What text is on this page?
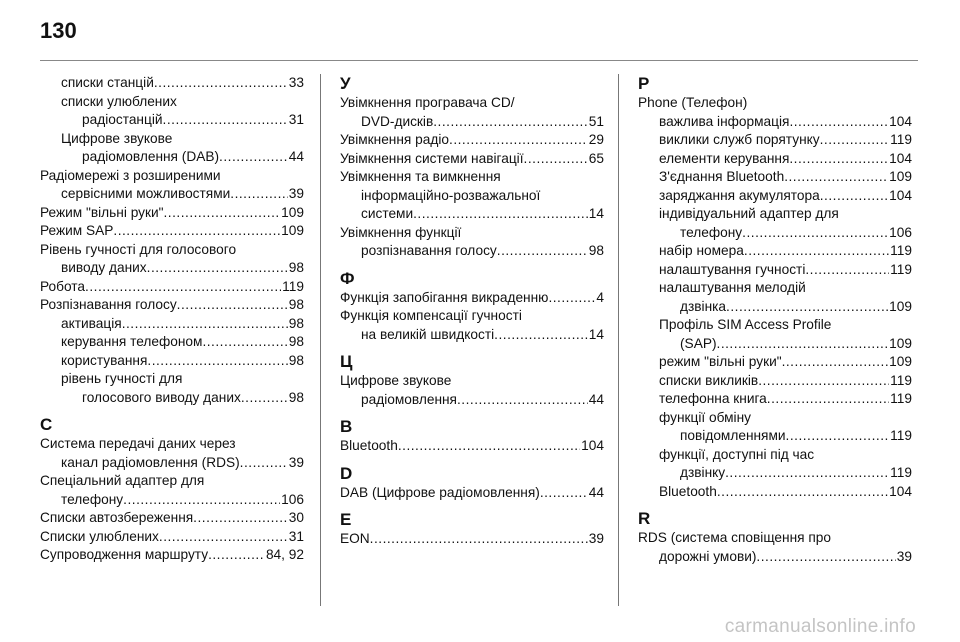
130
списки станцій .....	33
списки улюблених
радіостанцій .....	31
Цифрове звукове
радіомовлення (DAB) .....	44
Радіомережі з розширеними
сервісними можливостями .....	39
Режим "вільні руки" .....	109
Режим SAP .....	109
Рівень гучності для голосового
виводу даних .....	98
Робота .....	119
Розпізнавання голосу .....	98
активація .....	98
керування телефоном .....	98
користування .....	98
рівень гучності для
голосового виводу даних .....	98
С
Система передачі даних через
канал радіомовлення (RDS) .....	39
Спеціальний адаптер для
телефону .....	106
Списки автозбереження .....	30
Списки улюблених .....	31
Супроводження маршруту .....	84, 92
У
Увімкнення програвача CD/
DVD-дисків .....	51
Увімкнення радіо .....	29
Увімкнення системи навігації .....	65
Увімкнення та вимкнення
інформаційно-розважальної
системи .....	14
Увімкнення функції
розпізнавання голосу .....	98
Ф
Функція запобігання викраденню .....	4
Функція компенсації гучності
на великій швидкості .....	14
Ц
Цифрове звукове
радіомовлення .....	44
B
Bluetooth .....	104
D
DAB (Цифрове радіомовлення) .....	44
E
EON .....	39
P
Phone (Телефон)
важлива інформація .....	104
виклики служб порятунку .....	119
елементи керування .....	104
З'єднання Bluetooth .....	109
заряджання акумулятора .....	104
індивідуальний адаптер для
телефону .....	106
набір номера .....	119
налаштування гучності .....	119
налаштування мелодій
дзвінка .....	109
Профіль SIM Access Profile
(SAP) .....	109
режим "вільні руки" .....	109
списки викликів .....	119
телефонна книга .....	119
функції обміну
повідомленнями .....	119
функції, доступні під час
дзвінку .....	119
Bluetooth .....	104
R
RDS (система сповіщення про
дорожні умови) .....	39
carmanualsonline.info
